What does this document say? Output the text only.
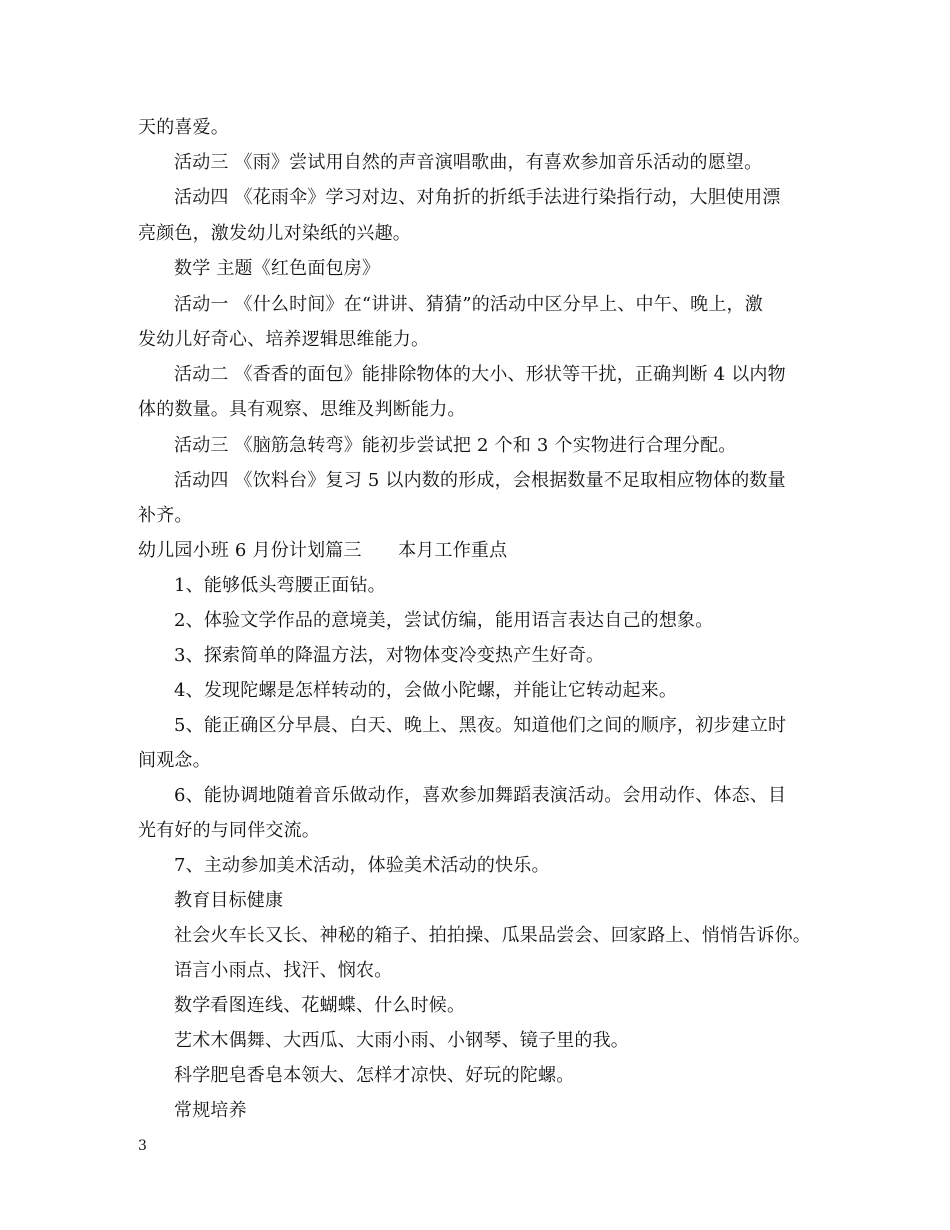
天的喜爱。
活动三 《雨》尝试用自然的声音演唱歌曲，有喜欢参加音乐活动的愿望。
活动四 《花雨伞》学习对边、对角折的折纸手法进行染指行动，大胆使用漂
亮颜色，激发幼儿对染纸的兴趣。
数学 主题《红色面包房》
活动一 《什么时间》在“讲讲、猜猜”的活动中区分早上、中午、晚上，激
发幼儿好奇心、培养逻辑思维能力。
活动二 《香香的面包》能排除物体的大小、形状等干扰，正确判断 4 以内物
体的数量。具有观察、思维及判断能力。
活动三 《脑筋急转弯》能初步尝试把 2 个和 3 个实物进行合理分配。
活动四 《饮料台》复习 5 以内数的形成，会根据数量不足取相应物体的数量
补齐。
幼儿园小班 6 月份计划篇三　　本月工作重点
1、能够低头弯腰正面钻。
2、体验文学作品的意境美，尝试仿编，能用语言表达自己的想象。
3、探索简单的降温方法，对物体变冷变热产生好奇。
4、发现陀螺是怎样转动的，会做小陀螺，并能让它转动起来。
5、能正确区分早晨、白天、晚上、黑夜。知道他们之间的顺序，初步建立时
间观念。
6、能协调地随着音乐做动作，喜欢参加舞蹈表演活动。会用动作、体态、目
光有好的与同伴交流。
7、主动参加美术活动，体验美术活动的快乐。
教育目标健康
社会火车长又长、神秘的箱子、拍拍操、瓜果品尝会、回家路上、悄悄告诉你。
语言小雨点、找汗、悯农。
数学看图连线、花蝴蝶、什么时候。
艺术木偶舞、大西瓜、大雨小雨、小钢琴、镜子里的我。
科学肥皂香皂本领大、怎样才凉快、好玩的陀螺。
常规培养
3
